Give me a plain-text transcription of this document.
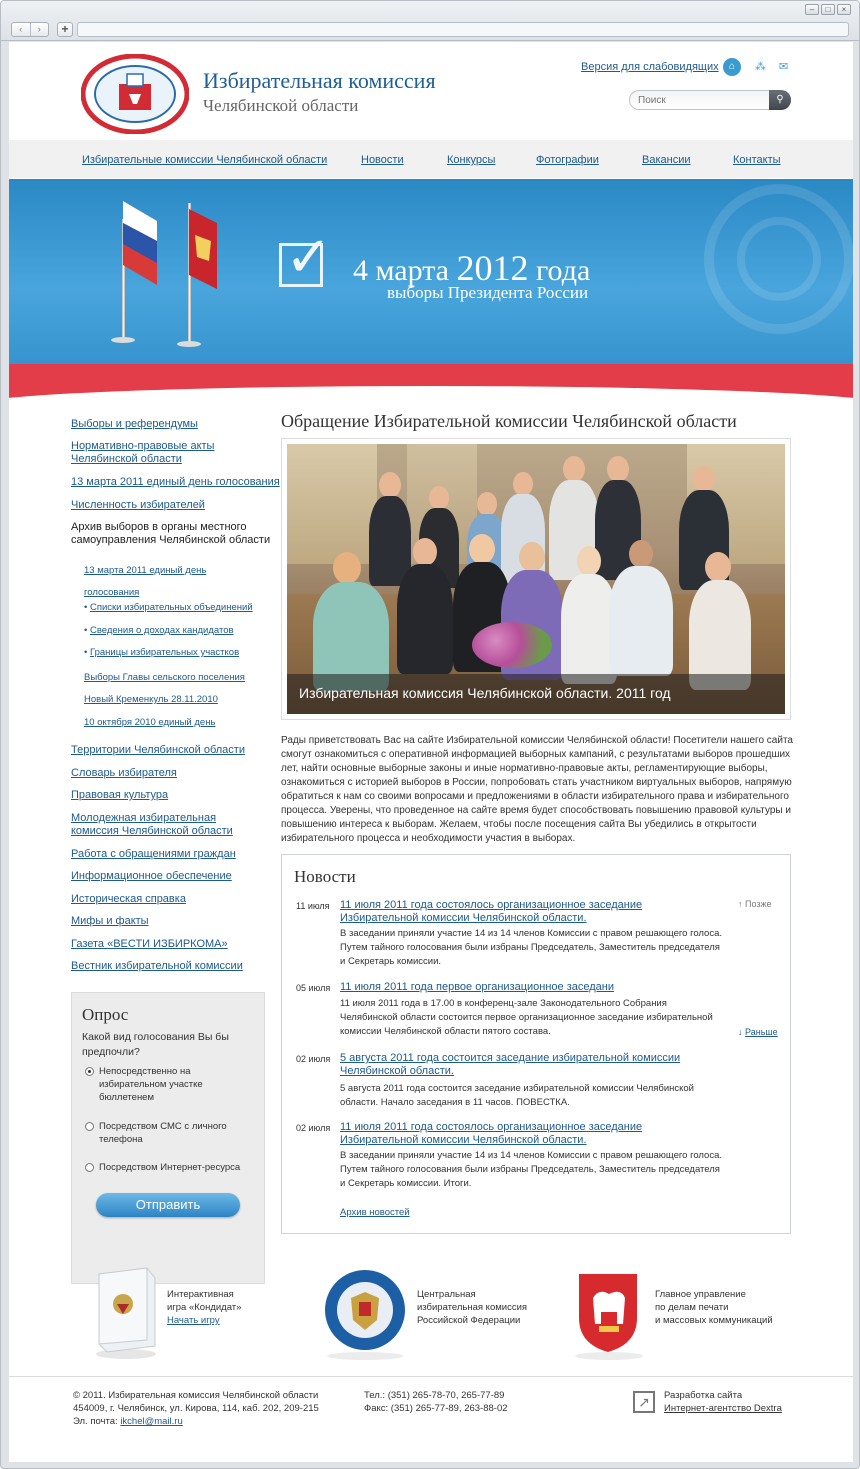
‹	›	+
–	□	×
Избирательная комиссия
Челябинской области
Версия для слабовидящих	⌂	⁂ ✉
Поиск
⚲
Избирательные комиссии Челябинской области	Новости	Конкурсы	Фотографии	Вакансии	Контакты
✓ 4 марта 2012 года
выборы Президента России
Выборы и референдумы
Нормативно-правовые акты Челябинской области
13 марта 2011 единый день голосования
Численность избирателей
Архив выборов в органы местного самоуправления Челябинской области
13 марта 2011 единый день голосования
• Списки избирательных объединений
• Сведения о доходах кандидатов
• Границы избирательных участков
Выборы Главы сельского поселения
Новый Кременкуль 28.11.2010
10 октября 2010 единый день
Территории Челябинской области
Словарь избирателя
Правовая культура
Молодежная избирательная комиссия Челябинской области
Работа с обращениями граждан
Информационное обеспечение
Историческая справка
Мифы и факты
Газета «ВЕСТИ ИЗБИРКОМА»
Вестник избирательной комиссии
Опрос
Какой вид голосования Вы бы предпочли?
Непосредственно на избирательном участке бюллетенем
Посредством СМС с личного телефона
Посредством Интернет-ресурса
Отправить
Обращение Избирательной комиссии Челябинской области
Избирательная комиссия Челябинской области. 2011 год
Рады приветствовать Вас на сайте Избирательной комиссии Челябинской области! Посетители нашего сайта смогут ознакомиться с оперативной информацией выборных кампаний, с результатами выборов прошедших лет, найти основные выборные законы и иные нормативно-правовые акты, регламентирующие выборы, ознакомиться с историей выборов в России, попробовать стать участником виртуальных выборов, напрямую обратиться к нам со своими вопросами и предложениями в области избирательного права и избирательного процесса. Уверены, что проведенное на сайте время будет способствовать повышению правовой культуры и повышению интереса к выборам. Желаем, чтобы после посещения сайта Вы убедились в открытости избирательного процесса и необходимости участия в выборах.
Новости
↑ Позже
↓ Раньше
11 июля 11 июля 2011 года состоялось организационное заседание Избирательной комиссии Челябинской области.
В заседании приняли участие 14 из 14 членов Комиссии с правом решающего голоса. Путем тайного голосования были избраны Председатель, Заместитель председателя и Секретарь комиссии.
05 июля 11 июля 2011 года первое организационное заседани
11 июля 2011 года в 17.00 в конференц-зале Законодательного Собрания Челябинской области состоится первое организационное заседание избирательной комиссии Челябинской области пятого состава.
02 июля 5 августа 2011 года состоится заседание избирательной комиссии Челябинской области.
5 августа 2011 года состоится заседание избирательной комиссии Челябинской области. Начало заседания в 11 часов. ПОВЕСТКА.
02 июля 11 июля 2011 года состоялось организационное заседание Избирательной комиссии Челябинской области.
В заседании приняли участие 14 из 14 членов Комиссии с правом решающего голоса. Путем тайного голосования были избраны Председатель, Заместитель председателя и Секретарь комиссии. Итоги.
Архив новостей
Интерактивная
игра «Кондидат»
Начать игру
Центральная
избирательная комиссия
Российской Федерации
Главное управление
по делам печати
и массовых коммуникаций
© 2011. Избирательная комиссия Челябинской области
454009, г. Челябинск, ул. Кирова, 114, каб. 202, 209-215
Эл. почта: ikchel@mail.ru
Тел.: (351) 265-78-70, 265-77-89
Факс: (351) 265-77-89, 263-88-02	↗	Разработка сайта
Интернет-агентство Dextra
